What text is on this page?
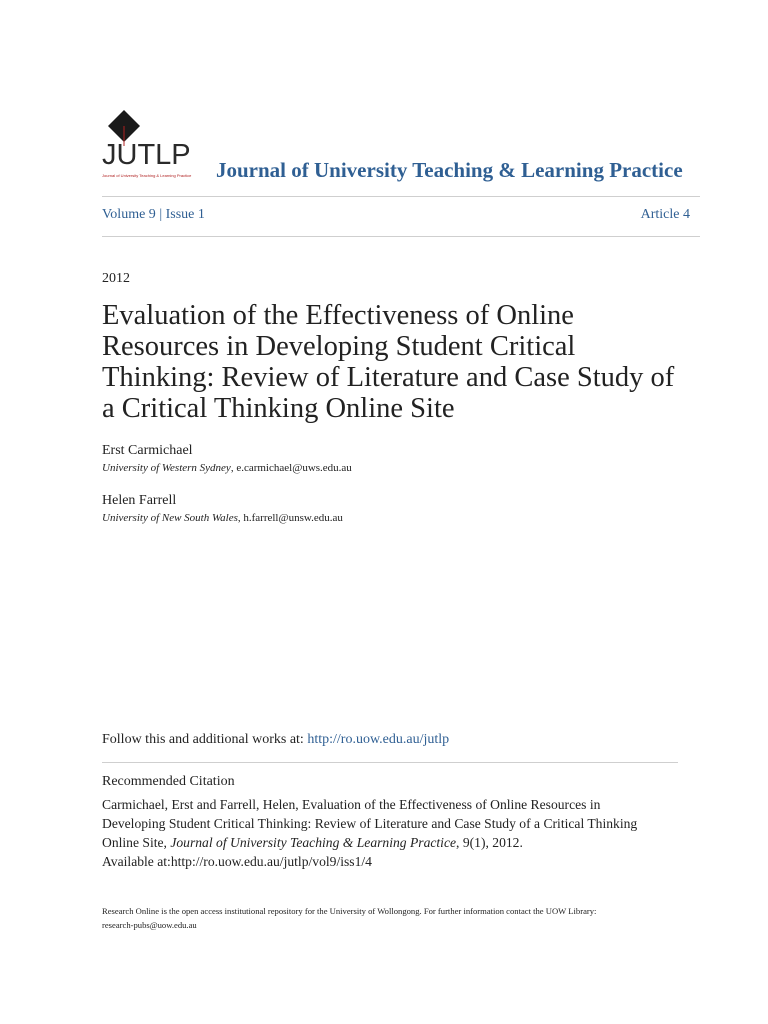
JUTLP
Journal of University Teaching & Learning Practice Journal of University Teaching & Learning Practice
Volume 9 | Issue 1	Article 4
2012
Evaluation of the Effectiveness of Online Resources in Developing Student Critical Thinking: Review of Literature and Case Study of a Critical Thinking Online Site
Erst Carmichael
University of Western Sydney, e.carmichael@uws.edu.au
Helen Farrell
University of New South Wales, h.farrell@unsw.edu.au
Follow this and additional works at: http://ro.uow.edu.au/jutlp
Recommended Citation
Carmichael, Erst and Farrell, Helen, Evaluation of the Effectiveness of Online Resources in Developing Student Critical Thinking: Review of Literature and Case Study of a Critical Thinking Online Site, Journal of University Teaching & Learning Practice, 9(1), 2012.
Available at:http://ro.uow.edu.au/jutlp/vol9/iss1/4
Research Online is the open access institutional repository for the University of Wollongong. For further information contact the UOW Library:
research-pubs@uow.edu.au
